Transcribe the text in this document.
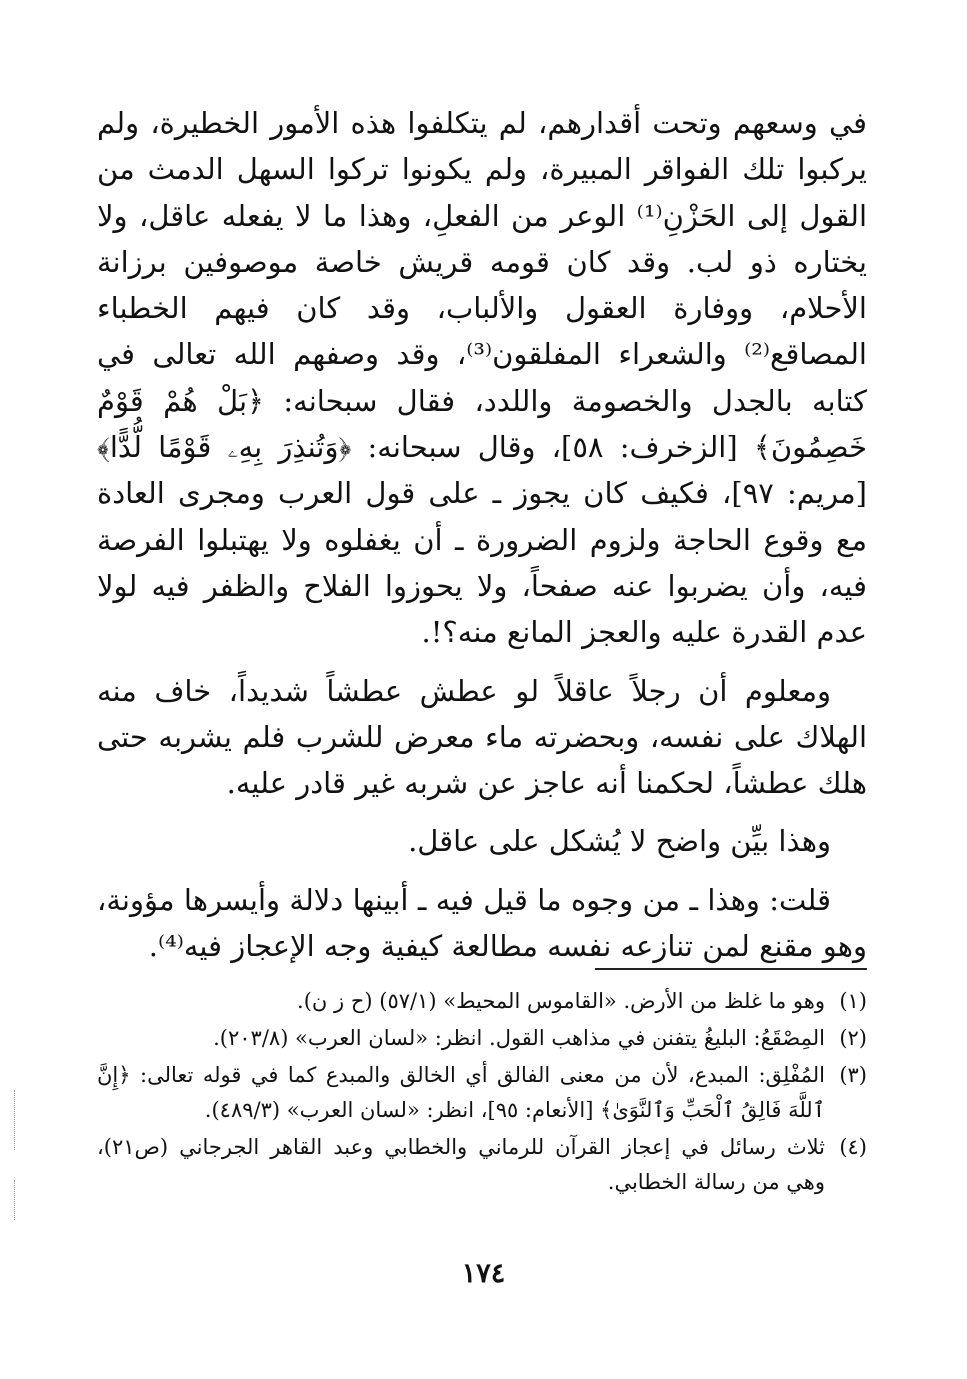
في وسعهم وتحت أقدارهم، لم يتكلفوا هذه الأمور الخطيرة، ولم يركبوا تلك الفواقر المبيرة، ولم يكونوا تركوا السهل الدمث من القول إلى الحَزْنِ⁽¹⁾ الوعر من الفعلِ، وهذا ما لا يفعله عاقل، ولا يختاره ذو لب. وقد كان قومه قريش خاصة موصوفين برزانة الأحلام، ووفارة العقول والألباب، وقد كان فيهم الخطباء المصاقع⁽²⁾ والشعراء المفلقون⁽³⁾، وقد وصفهم الله تعالى في كتابه بالجدل والخصومة واللدد، فقال سبحانه: ﴿بَلْ هُمْ قَوْمٌ خَصِمُونَ﴾ [الزخرف: ٥٨]، وقال سبحانه: ﴿وَتُنذِرَ بِهِۦ قَوْمًا لُّدًّا﴾ [مريم: ٩٧]، فكيف كان يجوز ـ على قول العرب ومجرى العادة مع وقوع الحاجة ولزوم الضرورة ـ أن يغفلوه ولا يهتبلوا الفرصة فيه، وأن يضربوا عنه صفحاً، ولا يحوزوا الفلاح والظفر فيه لولا عدم القدرة عليه والعجز المانع منه؟!.

ومعلوم أن رجلاً عاقلاً لو عطش عطشاً شديداً، خاف منه الهلاك على نفسه، وبحضرته ماء معرض للشرب فلم يشربه حتى هلك عطشاً، لحكمنا أنه عاجز عن شربه غير قادر عليه.

وهذا بيِّن واضح لا يُشكل على عاقل.

قلت: وهذا ـ من وجوه ما قيل فيه ـ أبينها دلالة وأيسرها مؤونة، وهو مقنع لمن تنازعه نفسه مطالعة كيفية وجه الإعجاز فيه⁽⁴⁾.

(١)
وهو ما غلظ من الأرض. «القاموس المحيط» (٥٧/١) (ح ز ن).
(٢)
المِصْقَعُ: البليغُ يتفنن في مذاهب القول. انظر: «لسان العرب» (٢٠٣/٨).
(٣)
المُفْلِق: المبدع، لأن من معنى الفالق أي الخالق والمبدع كما في قوله تعالى: ﴿إِنَّ ٱللَّهَ فَالِقُ ٱلْحَبِّ وَٱلنَّوَىٰ﴾ [الأنعام: ٩٥]، انظر: «لسان العرب» (٤٨٩/٣).
(٤)
ثلاث رسائل في إعجاز القرآن للرماني والخطابي وعبد القاهر الجرجاني (ص٢١)، وهي من رسالة الخطابي.
١٧٤
